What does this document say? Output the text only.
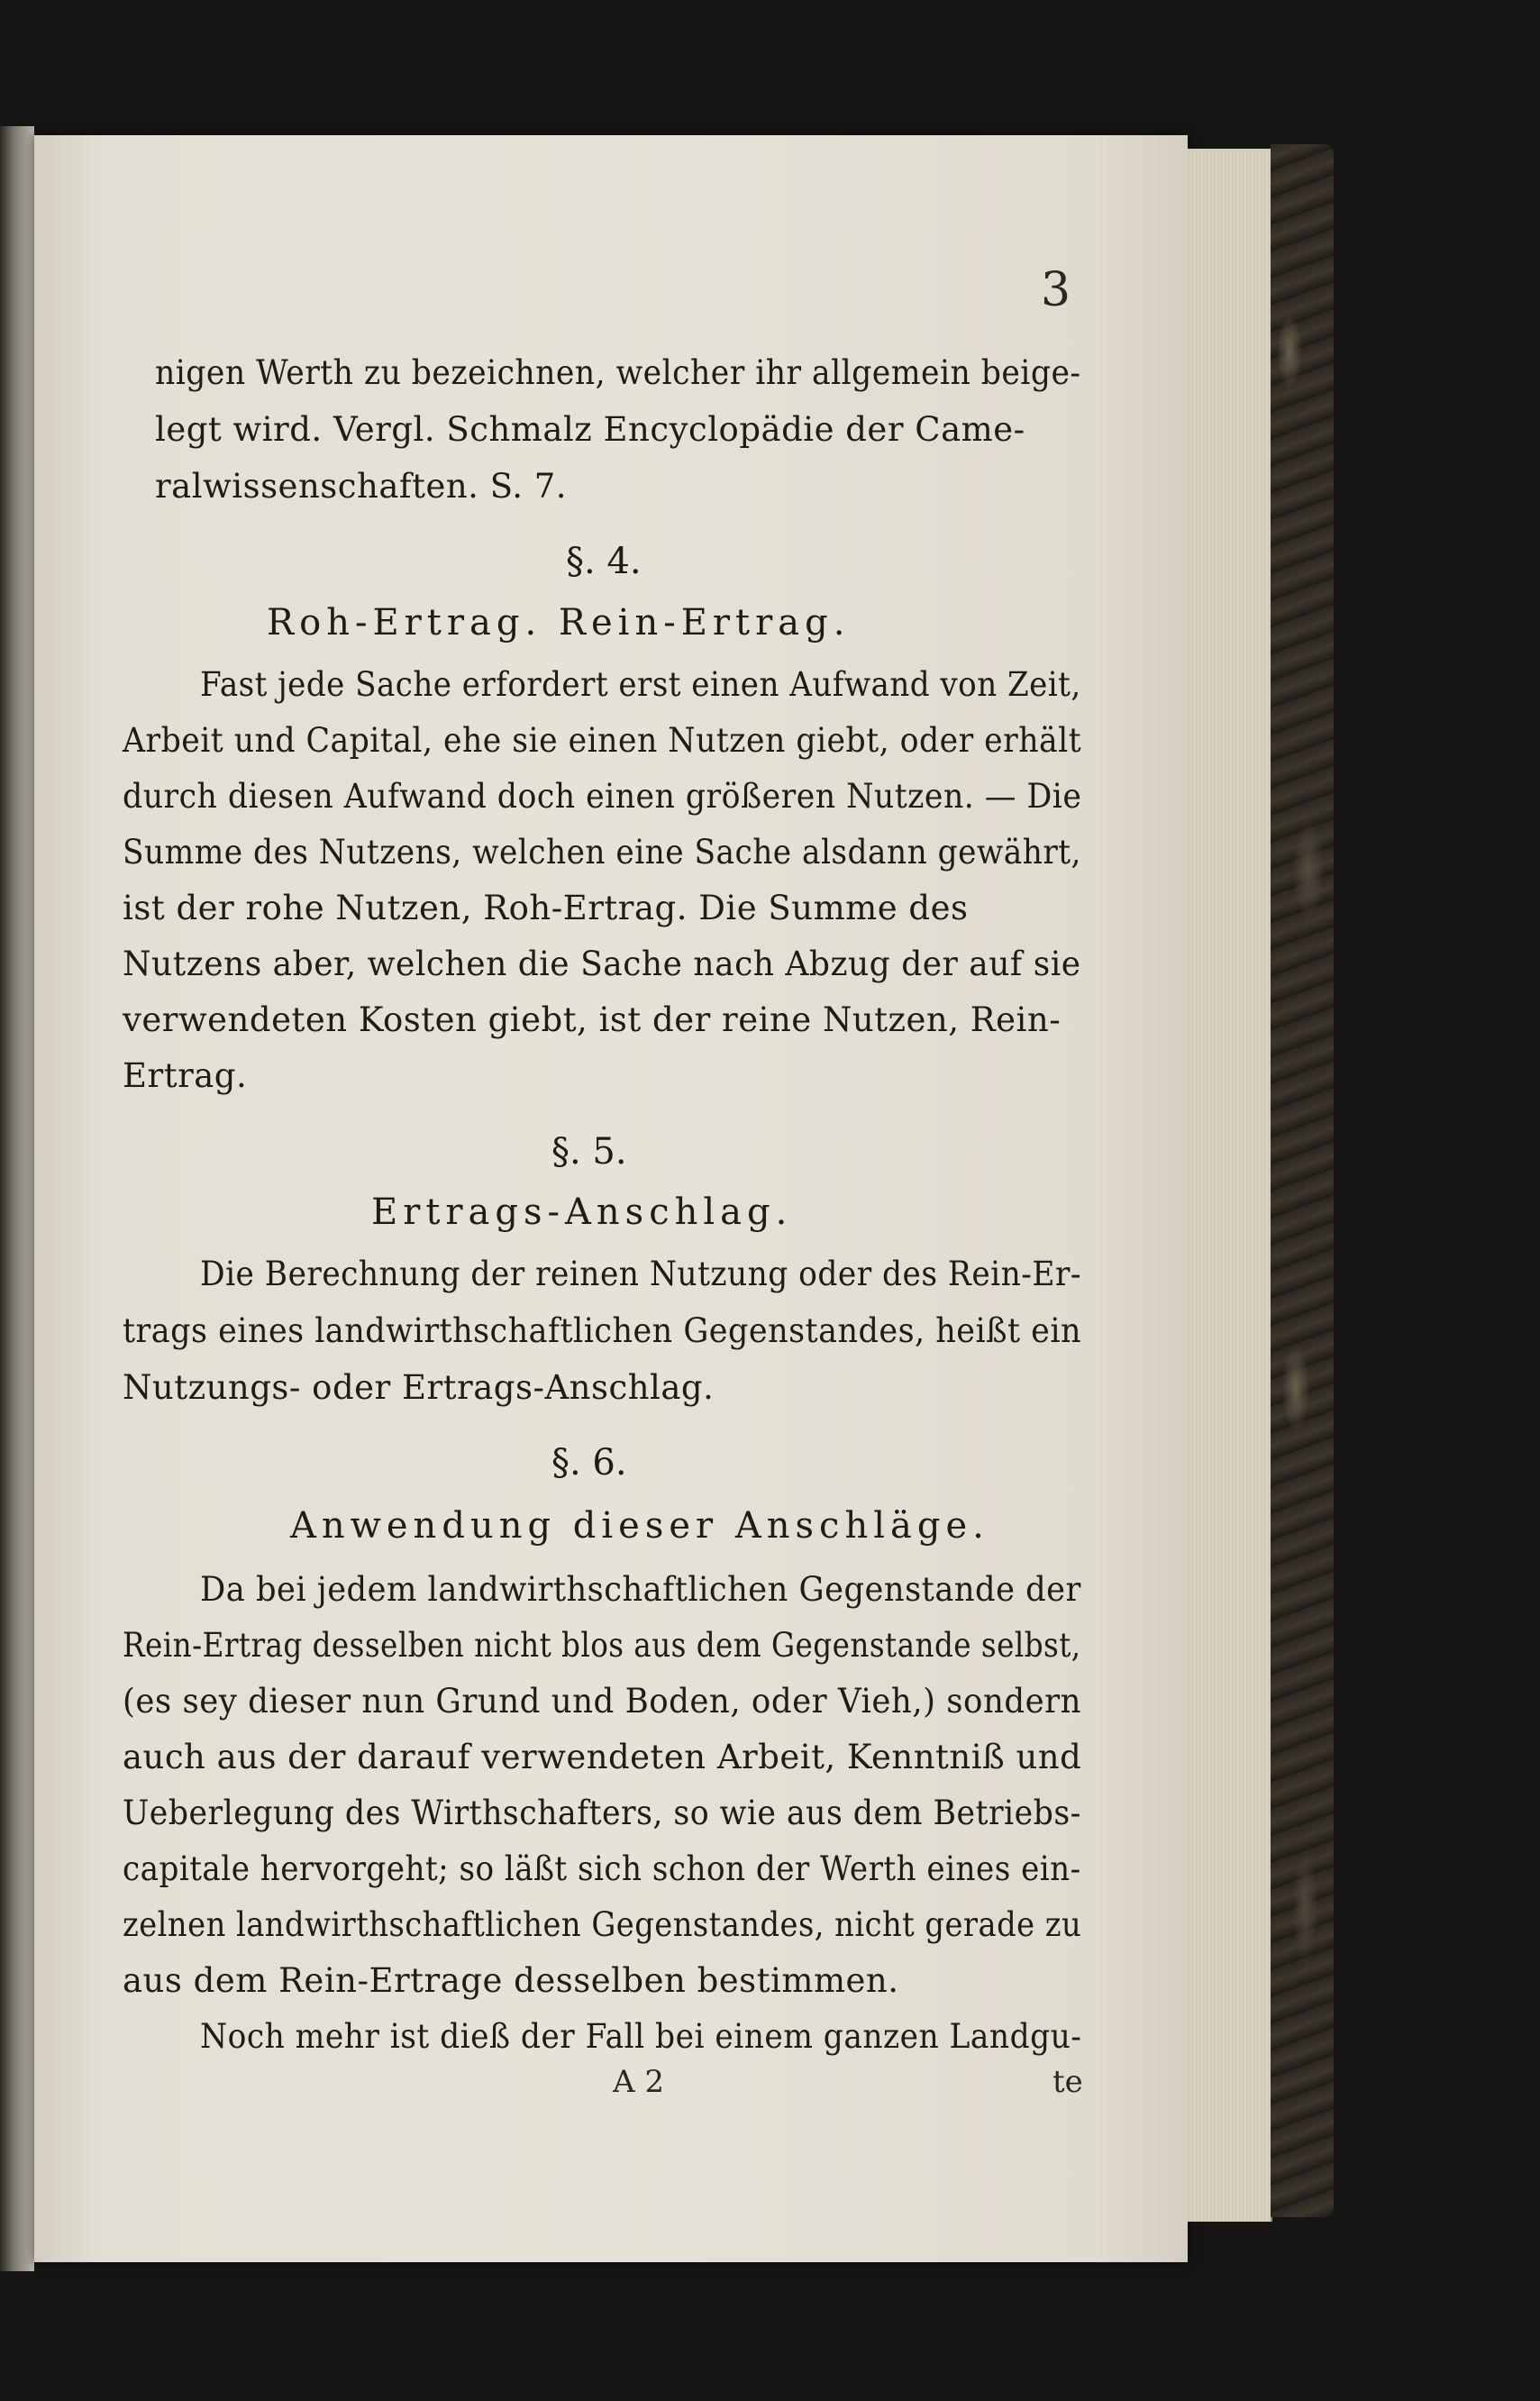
3
nigen Werth zu bezeichnen, welcher ihr allgemein beige-
legt wird. Vergl. Schmalz Encyclopädie der Came-
ralwissenschaften. S. 7.
§. 4.
Roh-Ertrag. Rein-Ertrag.
Fast jede Sache erfordert erst einen Aufwand von Zeit,
Arbeit und Capital, ehe sie einen Nutzen giebt, oder erhält
durch diesen Aufwand doch einen größeren Nutzen. — Die
Summe des Nutzens, welchen eine Sache alsdann gewährt,
ist der rohe Nutzen, Roh-Ertrag. Die Summe des
Nutzens aber, welchen die Sache nach Abzug der auf sie
verwendeten Kosten giebt, ist der reine Nutzen, Rein-
Ertrag.
§. 5.
Ertrags-Anschlag.
Die Berechnung der reinen Nutzung oder des Rein-Er-
trags eines landwirthschaftlichen Gegenstandes, heißt ein
Nutzungs- oder Ertrags-Anschlag.
§. 6.
Anwendung dieser Anschläge.
Da bei jedem landwirthschaftlichen Gegenstande der
Rein-Ertrag desselben nicht blos aus dem Gegenstande selbst,
(es sey dieser nun Grund und Boden, oder Vieh,) sondern
auch aus der darauf verwendeten Arbeit, Kenntniß und
Ueberlegung des Wirthschafters, so wie aus dem Betriebs-
capitale hervorgeht; so läßt sich schon der Werth eines ein-
zelnen landwirthschaftlichen Gegenstandes, nicht gerade zu
aus dem Rein-Ertrage desselben bestimmen.
Noch mehr ist dieß der Fall bei einem ganzen Landgu-
A 2	te
